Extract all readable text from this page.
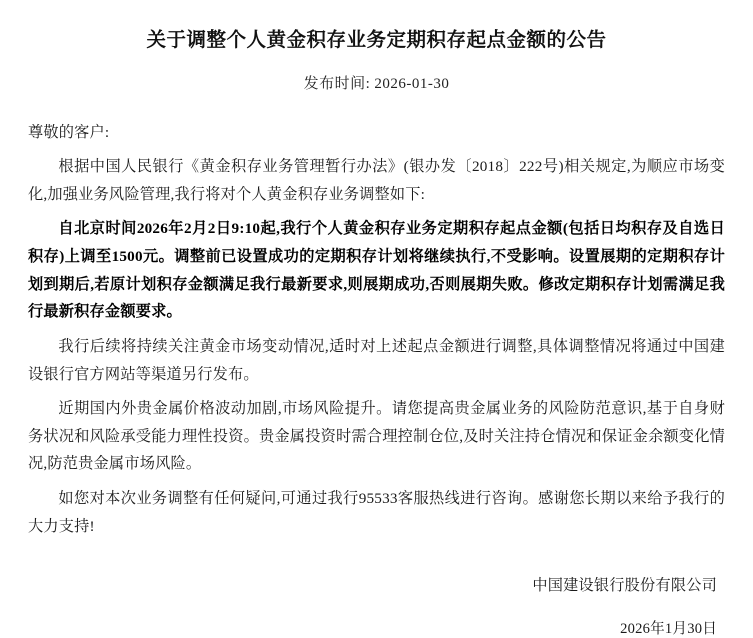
关于调整个人黄金积存业务定期积存起点金额的公告
发布时间: 2026-01-30

尊敬的客户:

根据中国人民银行《黄金积存业务管理暂行办法》(银办发〔2018〕222号)相关规定,为顺应市场变化,加强业务风险管理,我行将对个人黄金积存业务调整如下:

自北京时间2026年2月2日9:10起,我行个人黄金积存业务定期积存起点金额(包括日均积存及自选日积存)上调至1500元。调整前已设置成功的定期积存计划将继续执行,不受影响。设置展期的定期积存计划到期后,若原计划积存金额满足我行最新要求,则展期成功,否则展期失败。修改定期积存计划需满足我行最新积存金额要求。

我行后续将持续关注黄金市场变动情况,适时对上述起点金额进行调整,具体调整情况将通过中国建设银行官方网站等渠道另行发布。

近期国内外贵金属价格波动加剧,市场风险提升。请您提高贵金属业务的风险防范意识,基于自身财务状况和风险承受能力理性投资。贵金属投资时需合理控制仓位,及时关注持仓情况和保证金余额变化情况,防范贵金属市场风险。

如您对本次业务调整有任何疑问,可通过我行95533客服热线进行咨询。感谢您长期以来给予我行的大力支持!

中国建设银行股份有限公司
2026年1月30日
